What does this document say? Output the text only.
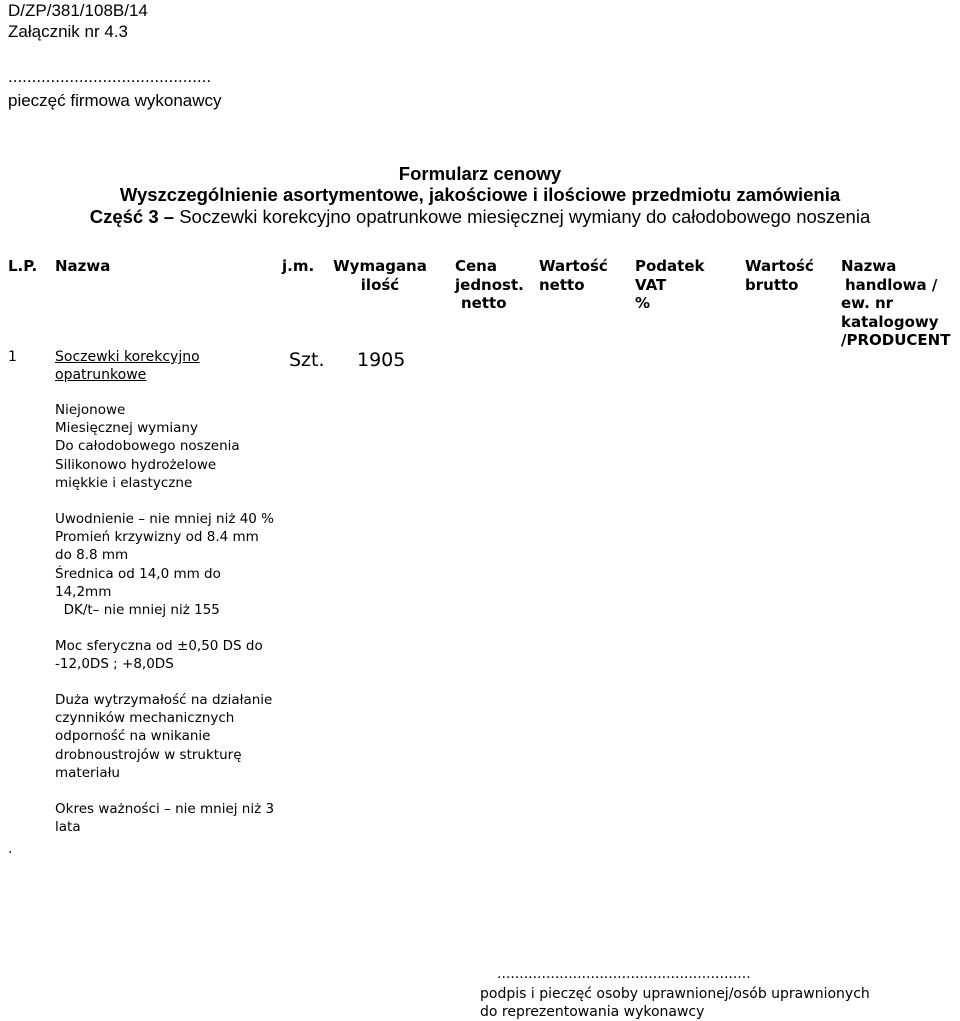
D/ZP/381/108B/14
Załącznik nr 4.3
...........................................
pieczęć firmowa wykonawcy
Formularz cenowy
Wyszczególnienie asortymentowe, jakościowe i ilościowe przedmiotu zamówienia
Część 3 – Soczewki korekcyjno opatrunkowe miesięcznej wymiany do całodobowego noszenia
L.P. Nazwa	j.m. Wymagana
ilość
Cena
jednost.
netto
Wartość
netto
Podatek
VAT
%
Wartość
brutto
Nazwa
handlowa /
ew. nr
katalogowy
/PRODUCENT
1	Soczewki korekcyjno
opatrunkowe
Szt. 1905
Niejonowe
Miesięcznej wymiany
Do całodobowego noszenia
Silikonowo hydrożelowe
miękkie i elastyczne
Uwodnienie – nie mniej niż 40 %
Promień krzywizny od 8.4 mm
do 8.8 mm
Średnica od 14,0 mm do
14,2mm
DK/t– nie mniej niż 155
Moc sferyczna od ±0,50 DS do
-12,0DS ; +8,0DS
Duża wytrzymałość na działanie
czynników mechanicznych
odporność na wnikanie
drobnoustrojów w strukturę
materiału
Okres ważności – nie mniej niż 3
lata
.
.........................................................
podpis i pieczęć osoby uprawnionej/osób uprawnionych
do reprezentowania wykonawcy
